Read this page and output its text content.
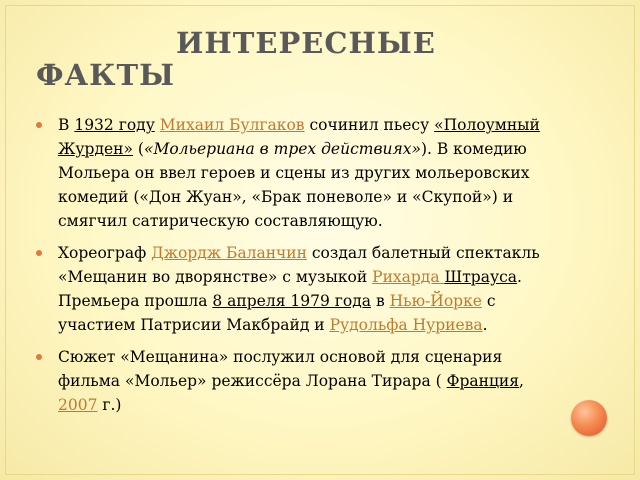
ИНТЕРЕСНЫЕ
ФАКТЫ
В 1932 году Михаил Булгаков сочинил пьесу «Полоумный Журден» («Мольериана в трех действиях»). В комедию Мольера он ввел героев и сцены из других мольеровских комедий («Дон Жуан», «Брак поневоле» и «Скупой») и смягчил сатирическую составляющую.
Хореограф Джордж Баланчин создал балетный спектакль «Мещанин во дворянстве» с музыкой Рихарда Штрауса. Премьера прошла 8 апреля 1979 года в Нью-Йорке с участием Патрисии Макбрайд и Рудольфа Нуриева.
Сюжет «Мещанина» послужил основой для сценария фильма «Мольер» режиссёра Лорана Тирара ( Франция, 2007 г.)
